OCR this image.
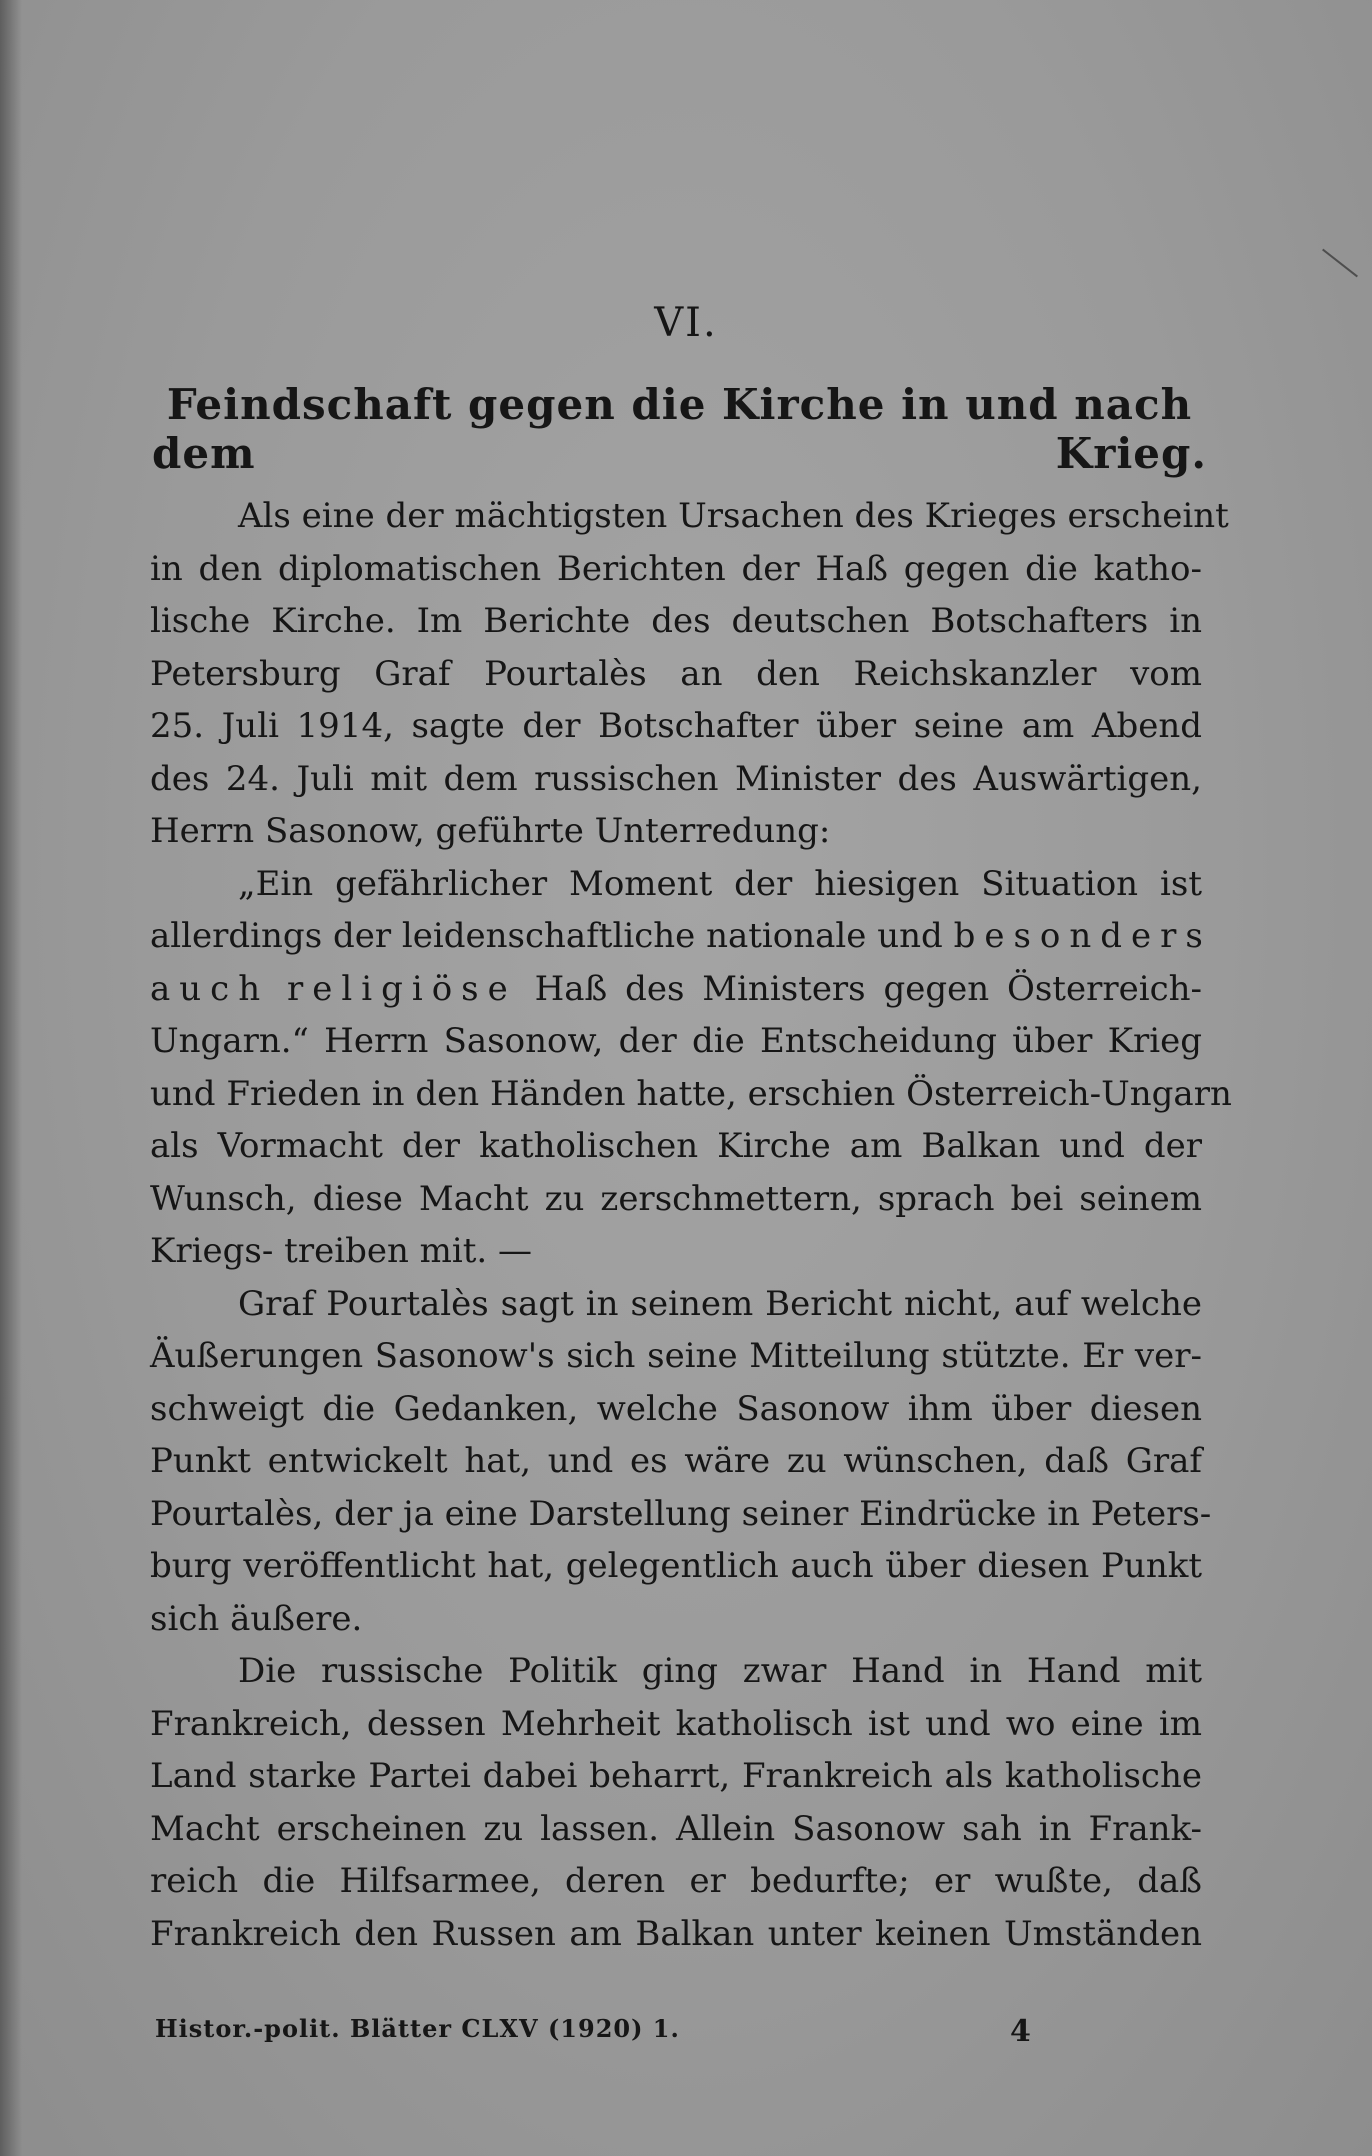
VI.
Feindschaft gegen die Kirche in und nach dem Krieg.
Als eine der mächtigsten Ursachen des Krieges erscheint
in den diplomatischen Berichten der Haß gegen die katho-
lische Kirche. Im Berichte des deutschen Botschafters in
Petersburg Graf Pourtalès an den Reichskanzler vom
25. Juli 1914, sagte der Botschafter über seine am Abend
des 24. Juli mit dem russischen Minister des Auswärtigen,
Herrn Sasonow, geführte Unterredung:
„Ein gefährlicher Moment der hiesigen Situation ist
allerdings der leidenschaftliche nationale und besonders
auch religiöse Haß des Ministers gegen Österreich-
Ungarn.“ Herrn Sasonow, der die Entscheidung über Krieg
und Frieden in den Händen hatte, erschien Österreich-Ungarn
als Vormacht der katholischen Kirche am Balkan und der
Wunsch, diese Macht zu zerschmettern, sprach bei seinem
Kriegs- treiben mit. —
Graf Pourtalès sagt in seinem Bericht nicht, auf welche
Äußerungen Sasonow's sich seine Mitteilung stützte. Er ver-
schweigt die Gedanken, welche Sasonow ihm über diesen
Punkt entwickelt hat, und es wäre zu wünschen, daß Graf
Pourtalès, der ja eine Darstellung seiner Eindrücke in Peters-
burg veröffentlicht hat, gelegentlich auch über diesen Punkt
sich äußere.
Die russische Politik ging zwar Hand in Hand mit
Frankreich, dessen Mehrheit katholisch ist und wo eine im
Land starke Partei dabei beharrt, Frankreich als katholische
Macht erscheinen zu lassen. Allein Sasonow sah in Frank-
reich die Hilfsarmee, deren er bedurfte; er wußte, daß
Frankreich den Russen am Balkan unter keinen Umständen
Histor.-polit. Blätter CLXV (1920) 1.	4
